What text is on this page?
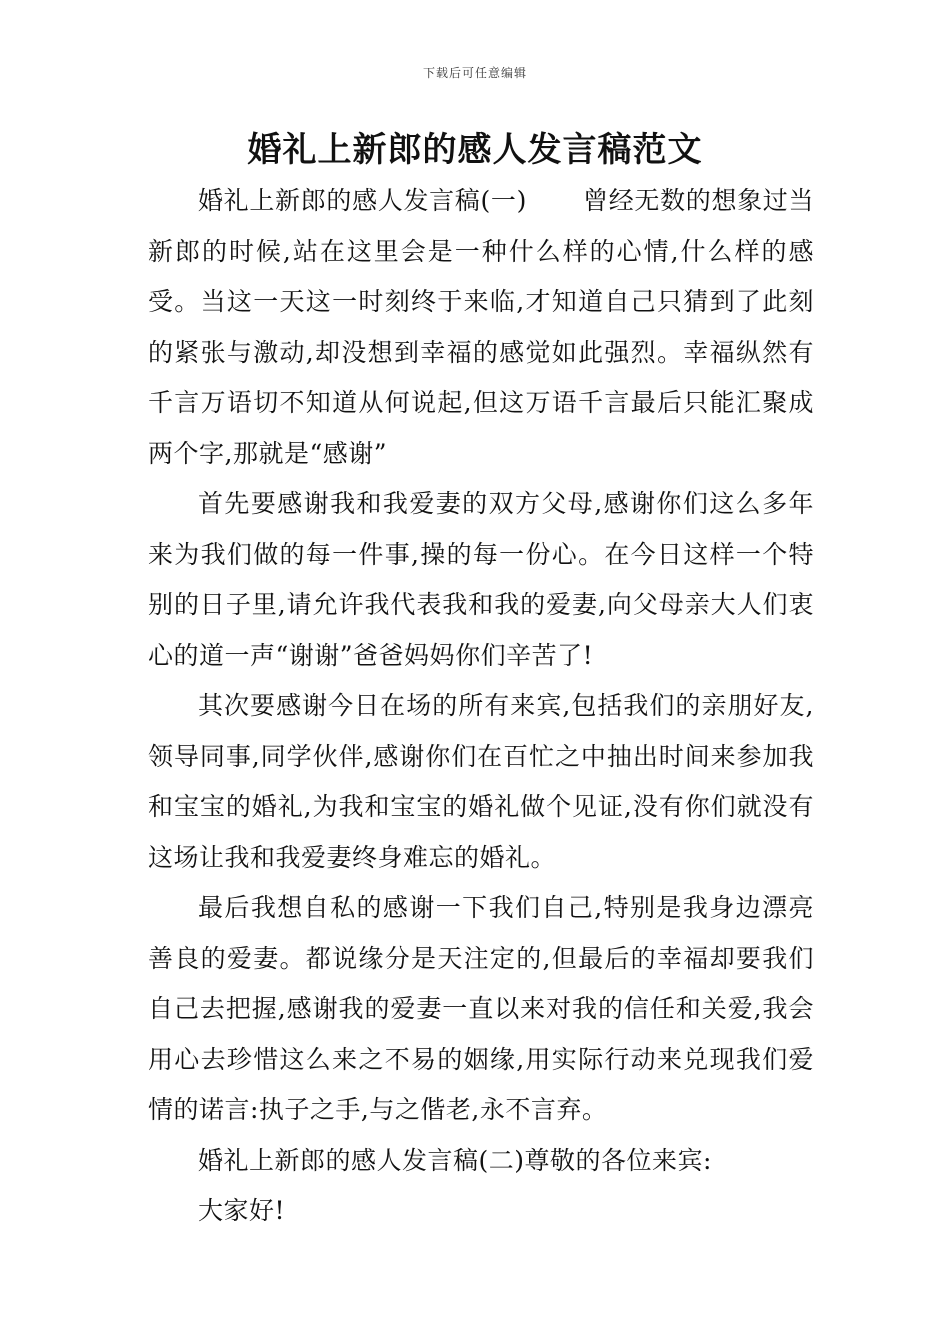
下载后可任意编辑
婚礼上新郎的感人发言稿范文

婚礼上新郎的感人发言稿(一) 曾经无数的想象过当新郎的时候,站在这里会是一种什么样的心情,什么样的感受。当这一天这一时刻终于来临,才知道自己只猜到了此刻的紧张与激动,却没想到幸福的感觉如此强烈。幸福纵然有千言万语切不知道从何说起,但这万语千言最后只能汇聚成两个字,那就是“感谢”

首先要感谢我和我爱妻的双方父母,感谢你们这么多年来为我们做的每一件事,操的每一份心。在今日这样一个特别的日子里,请允许我代表我和我的爱妻,向父母亲大人们衷心的道一声“谢谢”爸爸妈妈你们辛苦了!

其次要感谢今日在场的所有来宾,包括我们的亲朋好友,领导同事,同学伙伴,感谢你们在百忙之中抽出时间来参加我和宝宝的婚礼,为我和宝宝的婚礼做个见证,没有你们就没有这场让我和我爱妻终身难忘的婚礼。

最后我想自私的感谢一下我们自己,特别是我身边漂亮善良的爱妻。都说缘分是天注定的,但最后的幸福却要我们自己去把握,感谢我的爱妻一直以来对我的信任和关爱,我会用心去珍惜这么来之不易的姻缘,用实际行动来兑现我们爱情的诺言:执子之手,与之偕老,永不言弃。

婚礼上新郎的感人发言稿(二)尊敬的各位来宾:

大家好!
